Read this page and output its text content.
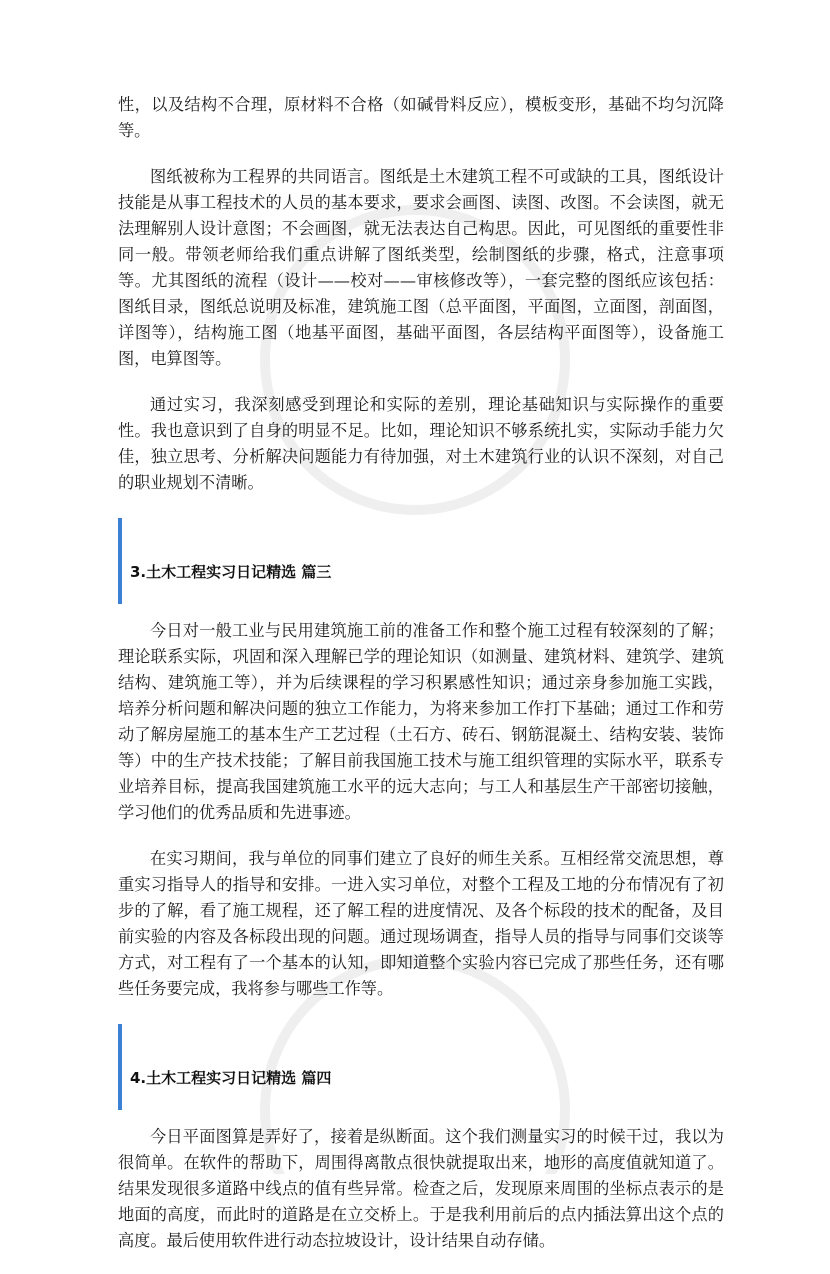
性，以及结构不合理，原材料不合格（如碱骨料反应），模板变形，基础不均匀沉降等。

图纸被称为工程界的共同语言。图纸是土木建筑工程不可或缺的工具，图纸设计技能是从事工程技术的人员的基本要求，要求会画图、读图、改图。不会读图，就无法理解别人设计意图；不会画图，就无法表达自己构思。因此，可见图纸的重要性非同一般。带领老师给我们重点讲解了图纸类型，绘制图纸的步骤，格式，注意事项等。尤其图纸的流程（设计——校对——审核修改等），一套完整的图纸应该包括：图纸目录，图纸总说明及标准，建筑施工图（总平面图，平面图，立面图，剖面图，详图等），结构施工图（地基平面图，基础平面图，各层结构平面图等），设备施工图，电算图等。

通过实习，我深刻感受到理论和实际的差别，理论基础知识与实际操作的重要性。我也意识到了自身的明显不足。比如，理论知识不够系统扎实，实际动手能力欠佳，独立思考、分析解决问题能力有待加强，对土木建筑行业的认识不深刻，对自己的职业规划不清晰。

3.土木工程实习日记精选 篇三

今日对一般工业与民用建筑施工前的准备工作和整个施工过程有较深刻的了解；理论联系实际，巩固和深入理解已学的理论知识（如测量、建筑材料、建筑学、建筑结构、建筑施工等），并为后续课程的学习积累感性知识；通过亲身参加施工实践，培养分析问题和解决问题的独立工作能力，为将来参加工作打下基础；通过工作和劳动了解房屋施工的基本生产工艺过程（土石方、砖石、钢筋混凝土、结构安装、装饰等）中的生产技术技能；了解目前我国施工技术与施工组织管理的实际水平，联系专业培养目标，提高我国建筑施工水平的远大志向；与工人和基层生产干部密切接触，学习他们的优秀品质和先进事迹。

在实习期间，我与单位的同事们建立了良好的师生关系。互相经常交流思想，尊重实习指导人的指导和安排。一进入实习单位，对整个工程及工地的分布情况有了初步的了解，看了施工规程，还了解工程的进度情况、及各个标段的技术的配备，及目前实验的内容及各标段出现的问题。通过现场调查，指导人员的指导与同事们交谈等方式，对工程有了一个基本的认知，即知道整个实验内容已完成了那些任务，还有哪些任务要完成，我将参与哪些工作等。

4.土木工程实习日记精选 篇四

今日平面图算是弄好了，接着是纵断面。这个我们测量实习的时候干过，我以为很简单。在软件的帮助下，周围得离散点很快就提取出来，地形的高度值就知道了。结果发现很多道路中线点的值有些异常。检查之后，发现原来周围的坐标点表示的是地面的高度，而此时的道路是在立交桥上。于是我利用前后的点内插法算出这个点的高度。最后使用软件进行动态拉坡设计，设计结果自动存储。
